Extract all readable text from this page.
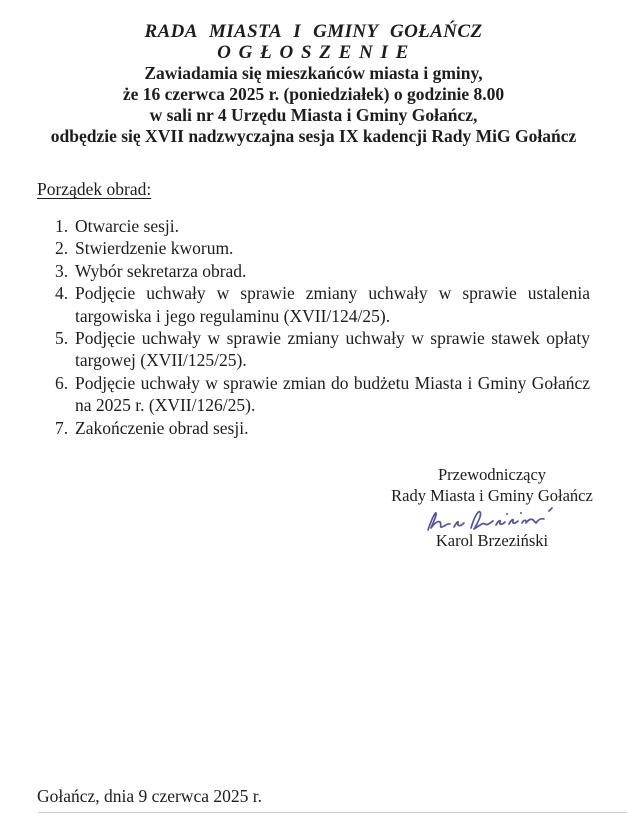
RADA MIASTA I GMINY GOŁAŃCZ
O G Ł O S Z E N I E
Zawiadamia się mieszkańców miasta i gminy,
że 16 czerwca 2025 r. (poniedziałek) o godzinie 8.00
w sali nr 4 Urzędu Miasta i Gminy Gołańcz,
odbędzie się XVII nadzwyczajna sesja IX kadencji Rady MiG Gołańcz
Porządek obrad:
1. Otwarcie sesji.
2. Stwierdzenie kworum.
3. Wybór sekretarza obrad.
4. Podjęcie uchwały w sprawie zmiany uchwały w sprawie ustalenia targowiska i jego regulaminu (XVII/124/25).
5. Podjęcie uchwały w sprawie zmiany uchwały w sprawie stawek opłaty targowej (XVII/125/25).
6. Podjęcie uchwały w sprawie zmian do budżetu Miasta i Gminy Gołańcz na 2025 r. (XVII/126/25).
7. Zakończenie obrad sesji.
Przewodniczący
Rady Miasta i Gminy Gołańcz
Karol Brzeziński
Gołańcz, dnia 9 czerwca 2025 r.
